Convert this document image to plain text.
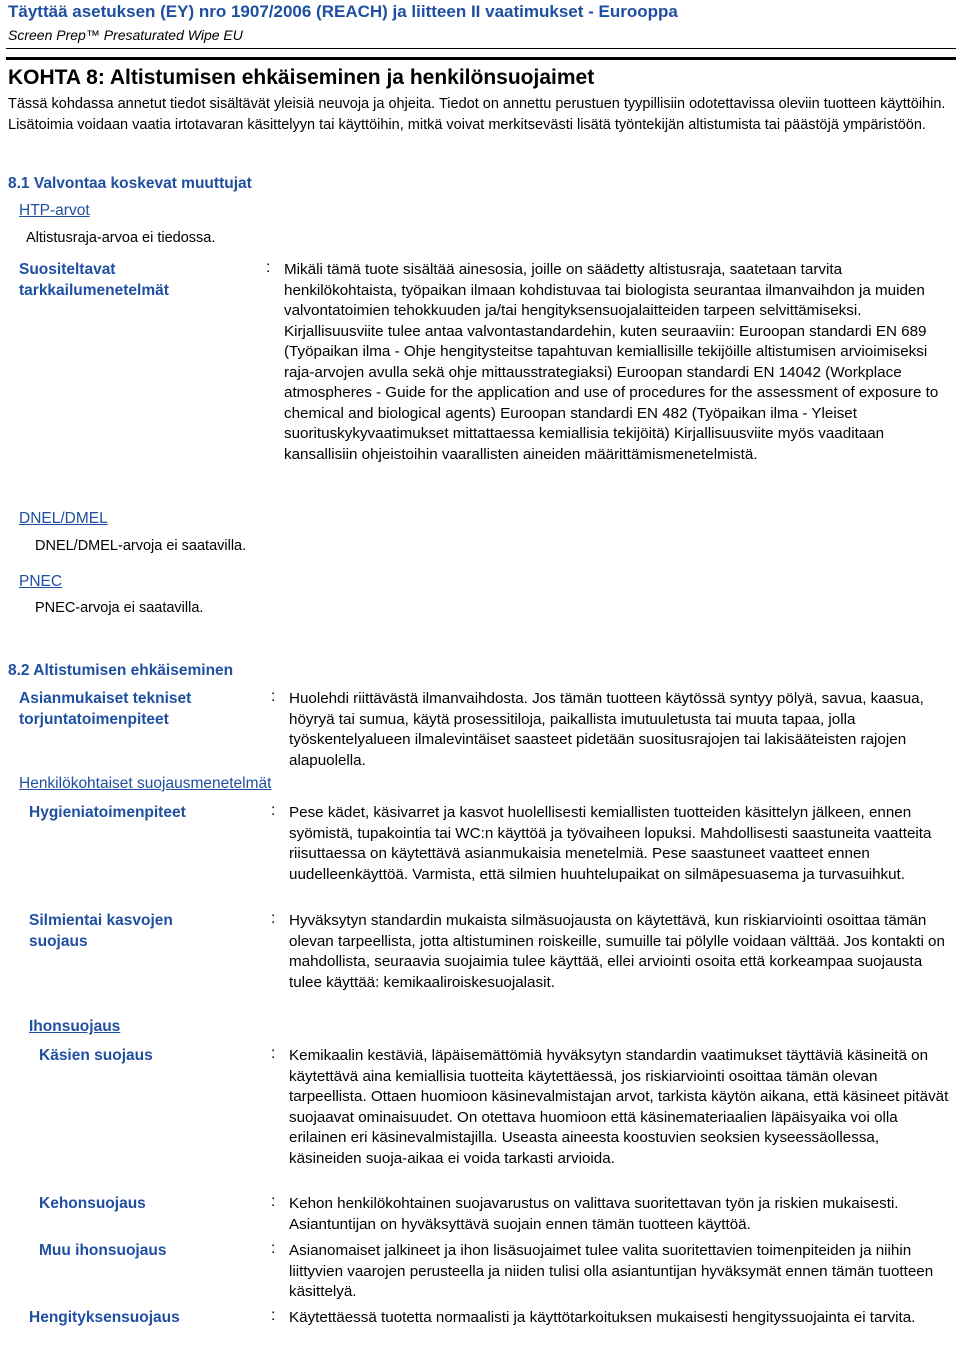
Täyttää asetuksen (EY) nro 1907/2006 (REACH) ja liitteen II vaatimukset - Eurooppa
Screen Prep™ Presaturated Wipe EU
KOHTA 8: Altistumisen ehkäiseminen ja henkilönsuojaimet
Tässä kohdassa annetut tiedot sisältävät yleisiä neuvoja ja ohjeita. Tiedot on annettu perustuen tyypillisiin odotettavissa oleviin tuotteen käyttöihin. Lisätoimia voidaan vaatia irtotavaran käsittelyyn tai käyttöihin, mitkä voivat merkitsevästi lisätä työntekijän altistumista tai päästöjä ympäristöön.
8.1 Valvontaa koskevat muuttujat
HTP-arvot
Altistusraja-arvoa ei tiedossa.
Suositeltavat tarkkailumenetelmät
: Mikäli tämä tuote sisältää ainesosia, joille on säädetty altistusraja, saatetaan tarvita henkilökohtaista, työpaikan ilmaan kohdistuvaa tai biologista seurantaa ilmanvaihdon ja muiden valvontatoimien tehokkuuden ja/tai hengityksensuojalaitteiden tarpeen selvittämiseksi. Kirjallisuusviite tulee antaa valvontastandardehin, kuten seuraaviin: Euroopan standardi EN 689 (Työpaikan ilma - Ohje hengitysteitse tapahtuvan kemiallisille tekijöille altistumisen arvioimiseksi raja-arvojen avulla sekä ohje mittausstrategiaksi) Euroopan standardi EN 14042 (Workplace atmospheres - Guide for the application and use of procedures for the assessment of exposure to chemical and biological agents) Euroopan standardi EN 482 (Työpaikan ilma - Yleiset suorituskykyvaatimukset mittattaessa kemiallisia tekijöitä) Kirjallisuusviite myös vaaditaan kansallisiin ohjeistoihin vaarallisten aineiden määrittämismenetelmistä.
DNEL/DMEL
DNEL/DMEL-arvoja ei saatavilla.
PNEC
PNEC-arvoja ei saatavilla.
8.2 Altistumisen ehkäiseminen
Asianmukaiset tekniset torjuntatoimenpiteet
: Huolehdi riittävästä ilmanvaihdosta. Jos tämän tuotteen käytössä syntyy pölyä, savua, kaasua, höyryä tai sumua, käytä prosessitiloja, paikallista imutuuletusta tai muuta tapaa, jolla työskentelyalueen ilmalevintäiset saasteet pidetään suositusrajojen tai lakisääteisten rajojen alapuolella.
Henkilökohtaiset suojausmenetelmät
Hygieniatoimenpiteet	: Pese kädet, käsivarret ja kasvot huolellisesti kemiallisten tuotteiden käsittelyn jälkeen, ennen syömistä, tupakointia tai WC:n käyttöä ja työvaiheen lopuksi. Mahdollisesti saastuneita vaatteita riisuttaessa on käytettävä asianmukaisia menetelmiä. Pese saastuneet vaatteet ennen uudelleenkäyttöä. Varmista, että silmien huuhtelupaikat on silmäpesuasema ja turvasuihkut.
Silmientai kasvojen suojaus
: Hyväksytyn standardin mukaista silmäsuojausta on käytettävä, kun riskiarviointi osoittaa tämän olevan tarpeellista, jotta altistuminen roiskeille, sumuille tai pölylle voidaan välttää. Jos kontakti on mahdollista, seuraavia suojaimia tulee käyttää, ellei arviointi osoita että korkeampaa suojausta tulee käyttää: kemikaaliroiskesuojalasit.
Ihonsuojaus
Käsien suojaus	: Kemikaalin kestäviä, läpäisemättömiä hyväksytyn standardin vaatimukset täyttäviä käsineitä on käytettävä aina kemiallisia tuotteita käytettäessä, jos riskiarviointi osoittaa tämän olevan tarpeellista. Ottaen huomioon käsinevalmistajan arvot, tarkista käytön aikana, että käsineet pitävät suojaavat ominaisuudet. On otettava huomioon että käsinemateriaalien läpäisyaika voi olla erilainen eri käsinevalmistajilla. Useasta aineesta koostuvien seoksien kyseessäollessa, käsineiden suoja-aikaa ei voida tarkasti arvioida.
Kehonsuojaus	: Kehon henkilökohtainen suojavarustus on valittava suoritettavan työn ja riskien mukaisesti. Asiantuntijan on hyväksyttävä suojain ennen tämän tuotteen käyttöä.
Muu ihonsuojaus	: Asianomaiset jalkineet ja ihon lisäsuojaimet tulee valita suoritettavien toimenpiteiden ja niihin liittyvien vaarojen perusteella ja niiden tulisi olla asiantuntijan hyväksymät ennen tämän tuotteen käsittelyä.
Hengityksensuojaus	: Käytettäessä tuotetta normaalisti ja käyttötarkoituksen mukaisesti hengityssuojainta ei tarvita.
